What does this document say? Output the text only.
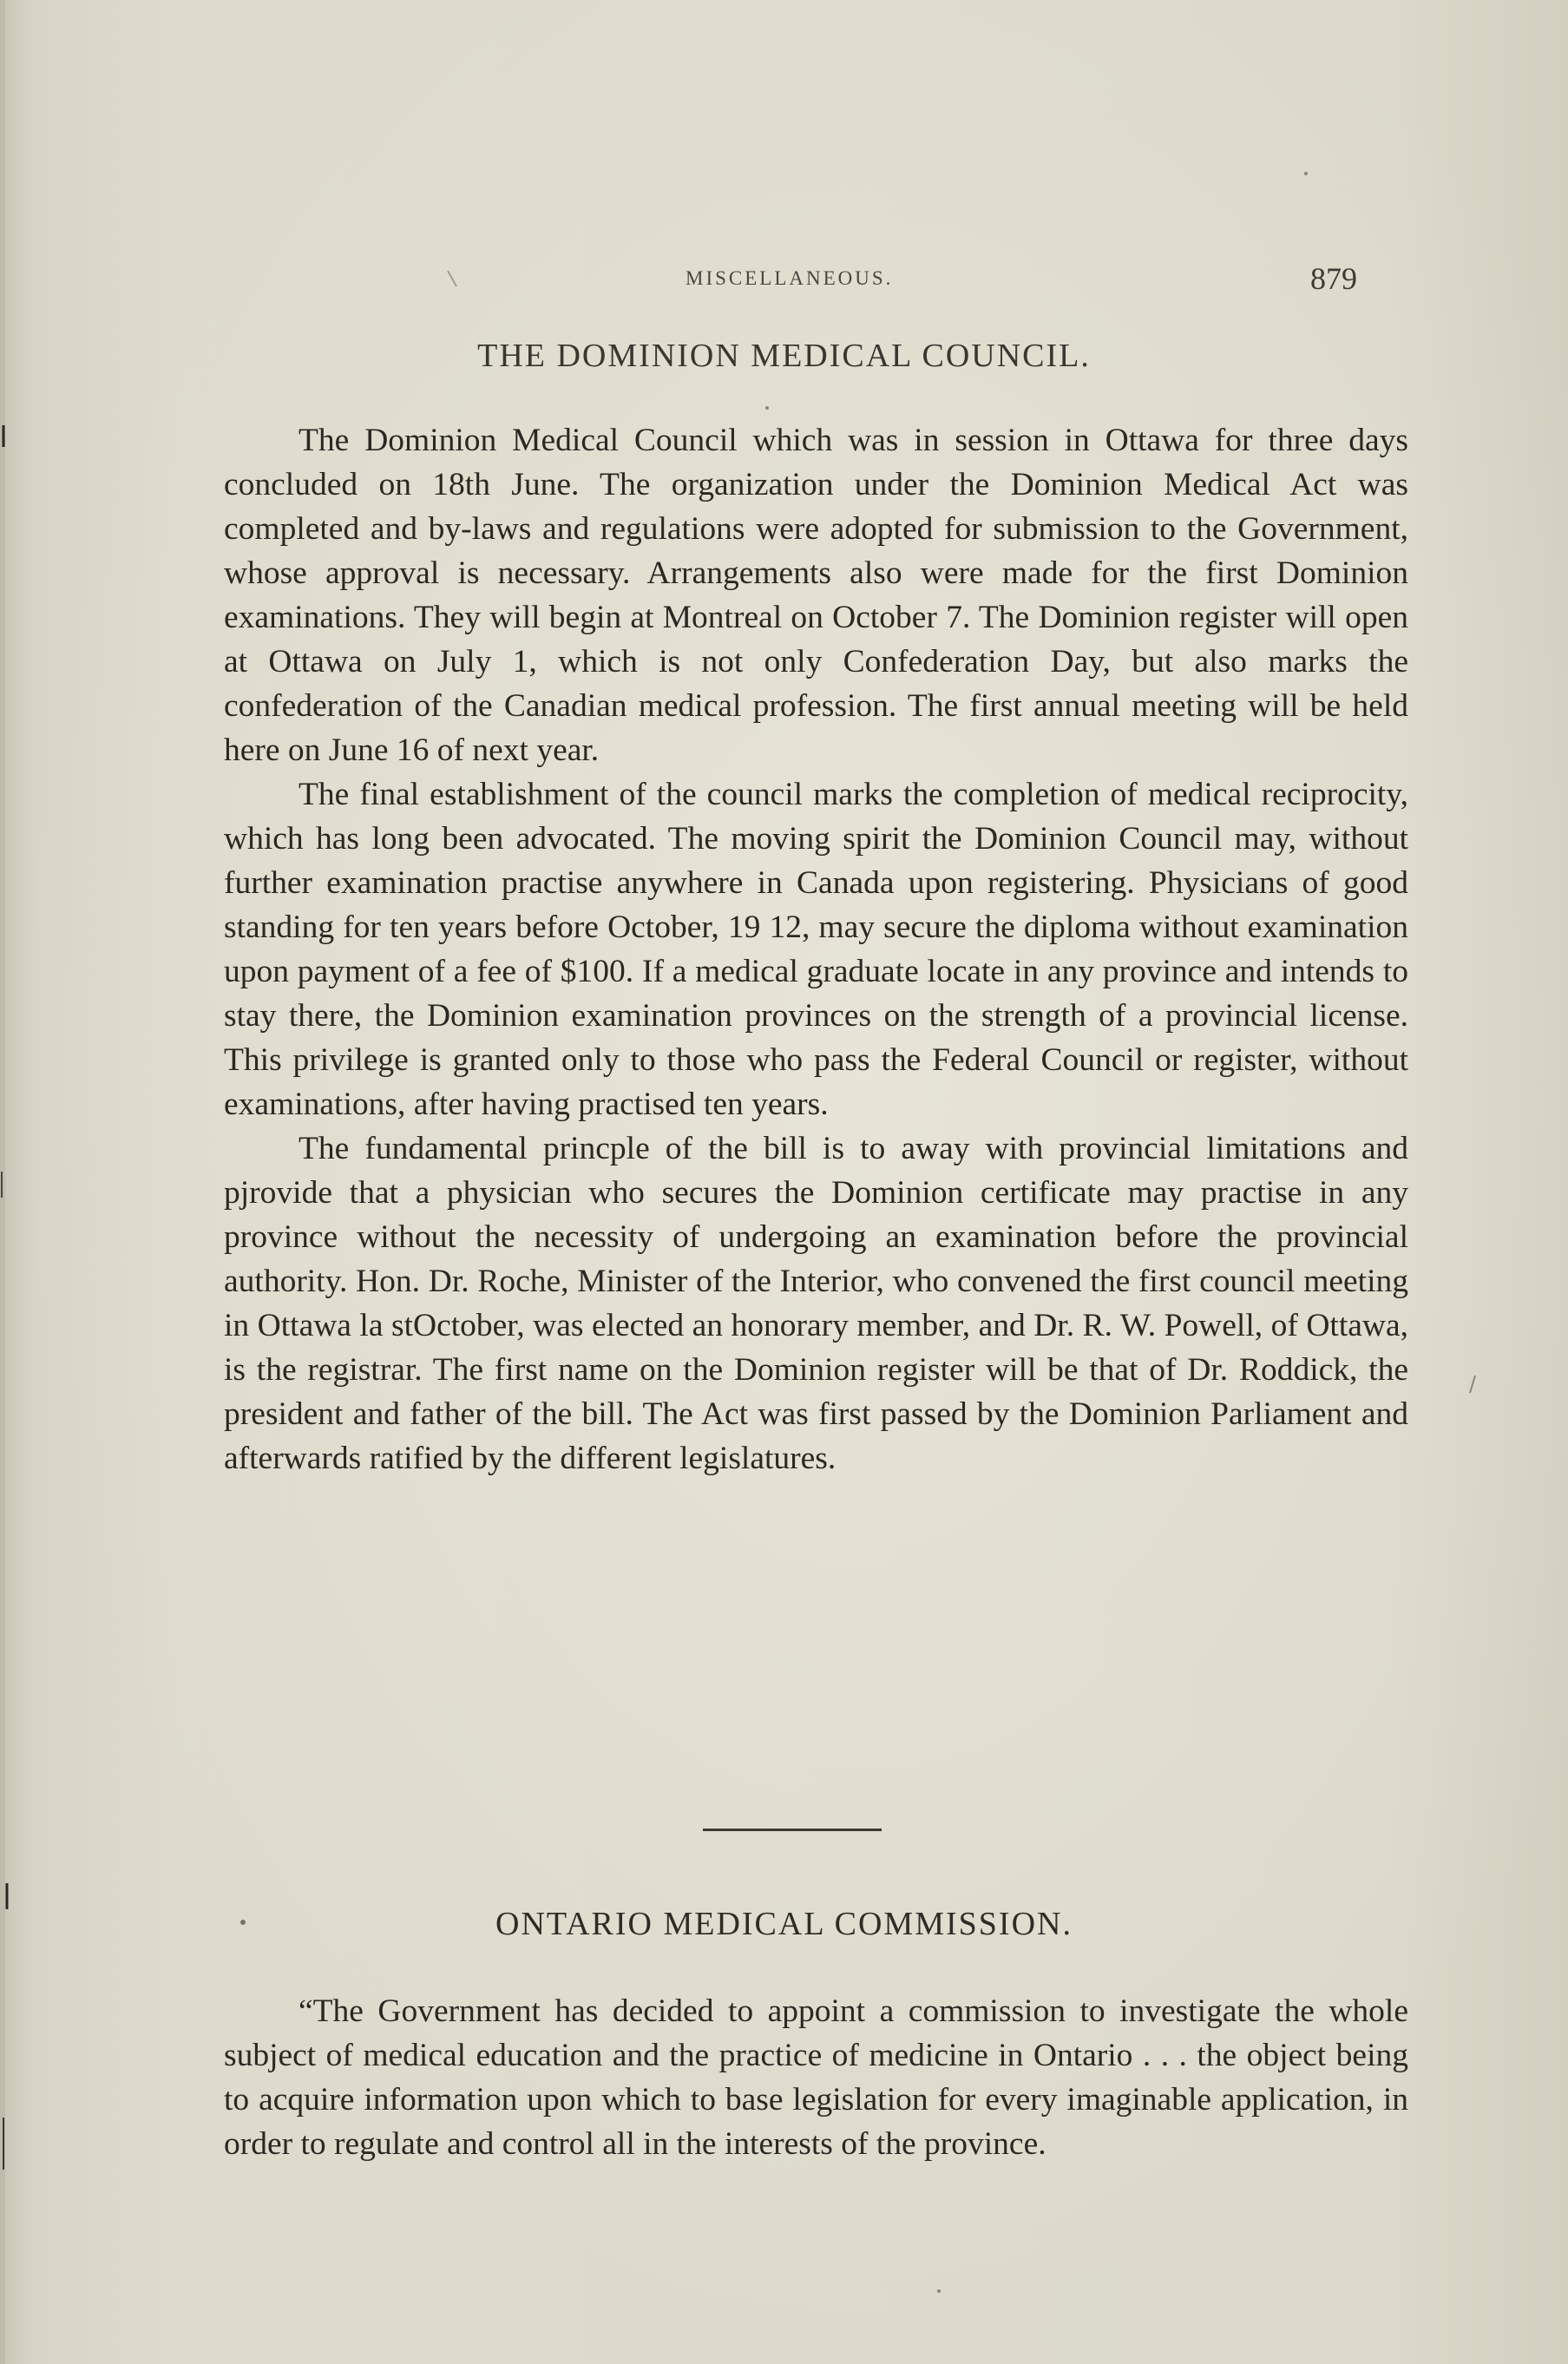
MISCELLANEOUS.	879
THE DOMINION MEDICAL COUNCIL.

The Dominion Medical Council which was in session in Ottawa for three days concluded on 18th June. The organization under the Dominion Medical Act was completed and by-laws and regulations were adopted for submission to the Government, whose approval is necessary. Arrangements also were made for the first Dominion examinations. They will begin at Montreal on October 7. The Dominion register will open at Ottawa on July 1, which is not only Confederation Day, but also marks the confederation of the Canadian medical profession. The first annual meeting will be held here on June 16 of next year.

The final establishment of the council marks the completion of medical reciprocity, which has long been advocated. The moving spirit the Dominion Council may, without further examination practise anywhere in Canada upon registering. Physicians of good standing for ten years before October, 19 12, may secure the diploma without examination upon payment of a fee of $100. If a medical graduate locate in any province and intends to stay there, the Dominion examination provinces on the strength of a provincial license. This privilege is granted only to those who pass the Federal Council or register, without examinations, after having practised ten years.

The fundamental princple of the bill is to away with provincial limitations and pjrovide that a physician who secures the Dominion certificate may practise in any province without the necessity of undergoing an examination before the provincial authority. Hon. Dr. Roche, Minister of the Interior, who convened the first council meeting in Ottawa la stOctober, was elected an honorary member, and Dr. R. W. Powell, of Ottawa, is the registrar. The first name on the Dominion register will be that of Dr. Roddick, the president and father of the bill. The Act was first passed by the Dominion Parliament and afterwards ratified by the different legislatures.

ONTARIO MEDICAL COMMISSION.

“The Government has decided to appoint a commission to investigate the whole subject of medical education and the practice of medicine in Ontario . . . the object being to acquire information upon which to base legislation for every imaginable application, in order to regulate and control all in the interests of the province.
